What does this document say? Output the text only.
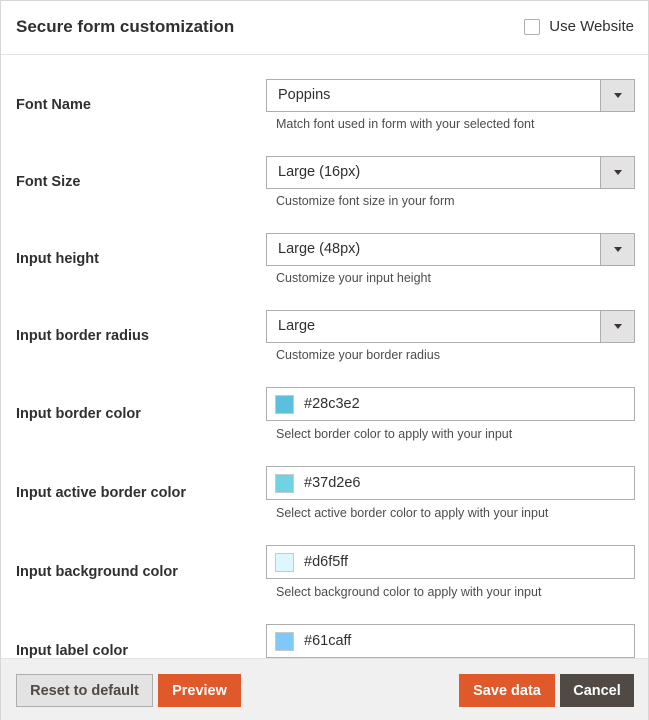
Secure form customization	Use Website
Font Name
Poppins
Match font used in form with your selected font
Font Size
Large (16px)
Customize font size in your form
Input height
Large (48px)
Customize your input height
Input border radius
Large
Customize your border radius
Input border color
#28c3e2
Select border color to apply with your input
Input active border color
#37d2e6
Select active border color to apply with your input
Input background color
#d6f5ff
Select background color to apply with your input
Input label color
#61caff
Reset to default	Preview	Save data	Cancel
